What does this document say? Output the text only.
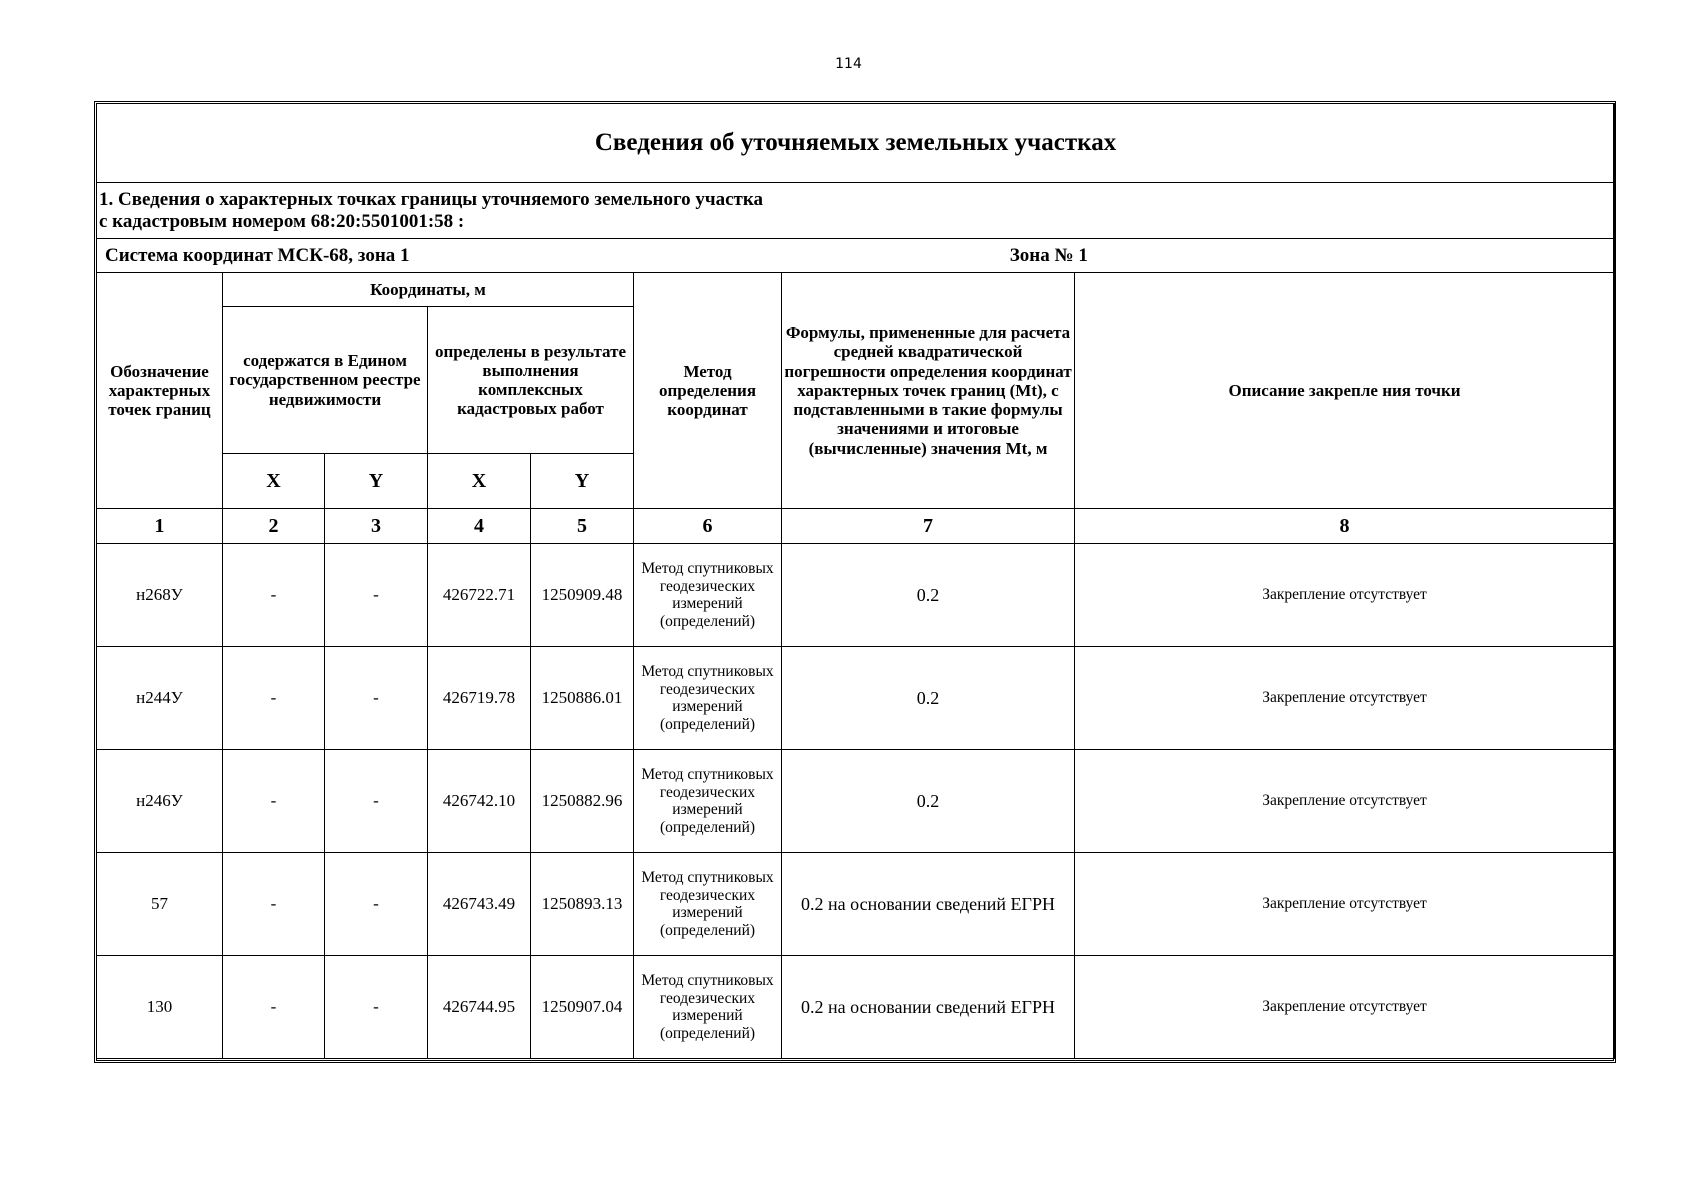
114
Сведения об уточняемых земельных участках							

1. Сведения о характерных точках границы уточняемого земельного участка
с кадастровым номером 68:20:5501001:58 :							

Система координат МСК-68, зона 1						Зона № 1	
Обозначение характерных точек границ	Координаты, м				Метод определения координат	Формулы, примененные для расчета средней квадратической погрешности определения координат характерных точек границ (Mt), с подставленными в такие формулы значениями и итоговые (вычисленные) значения Mt, м	Описание закрепле ния точки
	содержатся в Едином государственном реестре недвижимости		определены в результате выполнения комплексных кадастровых работ				
	X	Y	X	Y			
1	2	3	4	5	6	7	8
н268У	-	-	426722.71	1250909.48	Метод спутниковых геодезических измерений (определений)	0.2	Закрепление отсутствует
н244У	-	-	426719.78	1250886.01	Метод спутниковых геодезических измерений (определений)	0.2	Закрепление отсутствует
н246У	-	-	426742.10	1250882.96	Метод спутниковых геодезических измерений (определений)	0.2	Закрепление отсутствует
57	-	-	426743.49	1250893.13	Метод спутниковых геодезических измерений (определений)	0.2 на основании сведений ЕГРН	Закрепление отсутствует
130	-	-	426744.95	1250907.04	Метод спутниковых геодезических измерений (определений)	0.2 на основании сведений ЕГРН	Закрепление отсутствует
